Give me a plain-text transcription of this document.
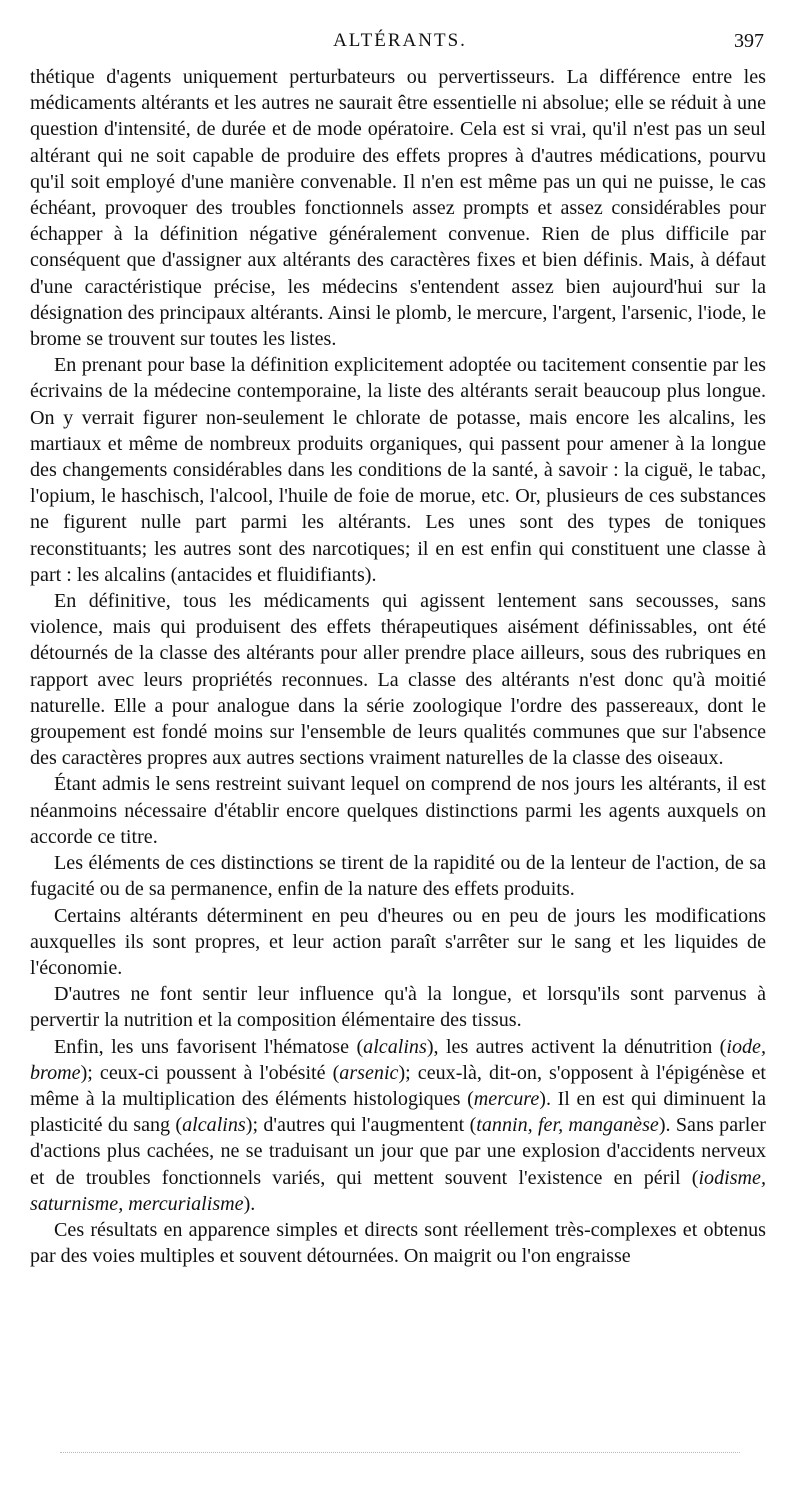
ALTÉRANTS.	397

thétique d'agents uniquement perturbateurs ou pervertisseurs. La différence entre les médicaments altérants et les autres ne saurait être essentielle ni absolue; elle se réduit à une question d'intensité, de durée et de mode opératoire. Cela est si vrai, qu'il n'est pas un seul altérant qui ne soit capable de produire des effets propres à d'autres médications, pourvu qu'il soit employé d'une manière convenable. Il n'en est même pas un qui ne puisse, le cas échéant, provoquer des troubles fonctionnels assez prompts et assez considérables pour échapper à la définition négative généralement convenue. Rien de plus difficile par conséquent que d'assigner aux altérants des caractères fixes et bien définis. Mais, à défaut d'une caractéristique précise, les médecins s'entendent assez bien aujourd'hui sur la désignation des principaux altérants. Ainsi le plomb, le mercure, l'argent, l'arsenic, l'iode, le brome se trouvent sur toutes les listes.

En prenant pour base la définition explicitement adoptée ou tacitement consentie par les écrivains de la médecine contemporaine, la liste des altérants serait beaucoup plus longue. On y verrait figurer non-seulement le chlorate de potasse, mais encore les alcalins, les martiaux et même de nombreux produits organiques, qui passent pour amener à la longue des changements considérables dans les conditions de la santé, à savoir : la ciguë, le tabac, l'opium, le haschisch, l'alcool, l'huile de foie de morue, etc. Or, plusieurs de ces substances ne figurent nulle part parmi les altérants. Les unes sont des types de toniques reconstituants; les autres sont des narcotiques; il en est enfin qui constituent une classe à part : les alcalins (antacides et fluidifiants).

En définitive, tous les médicaments qui agissent lentement sans secousses, sans violence, mais qui produisent des effets thérapeutiques aisément définissables, ont été détournés de la classe des altérants pour aller prendre place ailleurs, sous des rubriques en rapport avec leurs propriétés reconnues. La classe des altérants n'est donc qu'à moitié naturelle. Elle a pour analogue dans la série zoologique l'ordre des passereaux, dont le groupement est fondé moins sur l'ensemble de leurs qualités communes que sur l'absence des caractères propres aux autres sections vraiment naturelles de la classe des oiseaux.

Étant admis le sens restreint suivant lequel on comprend de nos jours les altérants, il est néanmoins nécessaire d'établir encore quelques distinctions parmi les agents auxquels on accorde ce titre.

Les éléments de ces distinctions se tirent de la rapidité ou de la lenteur de l'action, de sa fugacité ou de sa permanence, enfin de la nature des effets produits.

Certains altérants déterminent en peu d'heures ou en peu de jours les modifications auxquelles ils sont propres, et leur action paraît s'arrêter sur le sang et les liquides de l'économie.

D'autres ne font sentir leur influence qu'à la longue, et lorsqu'ils sont parvenus à pervertir la nutrition et la composition élémentaire des tissus.

Enfin, les uns favorisent l'hématose (alcalins), les autres activent la dénutrition (iode, brome); ceux-ci poussent à l'obésité (arsenic); ceux-là, dit-on, s'opposent à l'épigénèse et même à la multiplication des éléments histologiques (mercure). Il en est qui diminuent la plasticité du sang (alcalins); d'autres qui l'augmentent (tannin, fer, manganèse). Sans parler d'actions plus cachées, ne se traduisant un jour que par une explosion d'accidents nerveux et de troubles fonctionnels variés, qui mettent souvent l'existence en péril (iodisme, saturnisme, mercurialisme).

Ces résultats en apparence simples et directs sont réellement très-complexes et obtenus par des voies multiples et souvent détournées. On maigrit ou l'on engraisse
